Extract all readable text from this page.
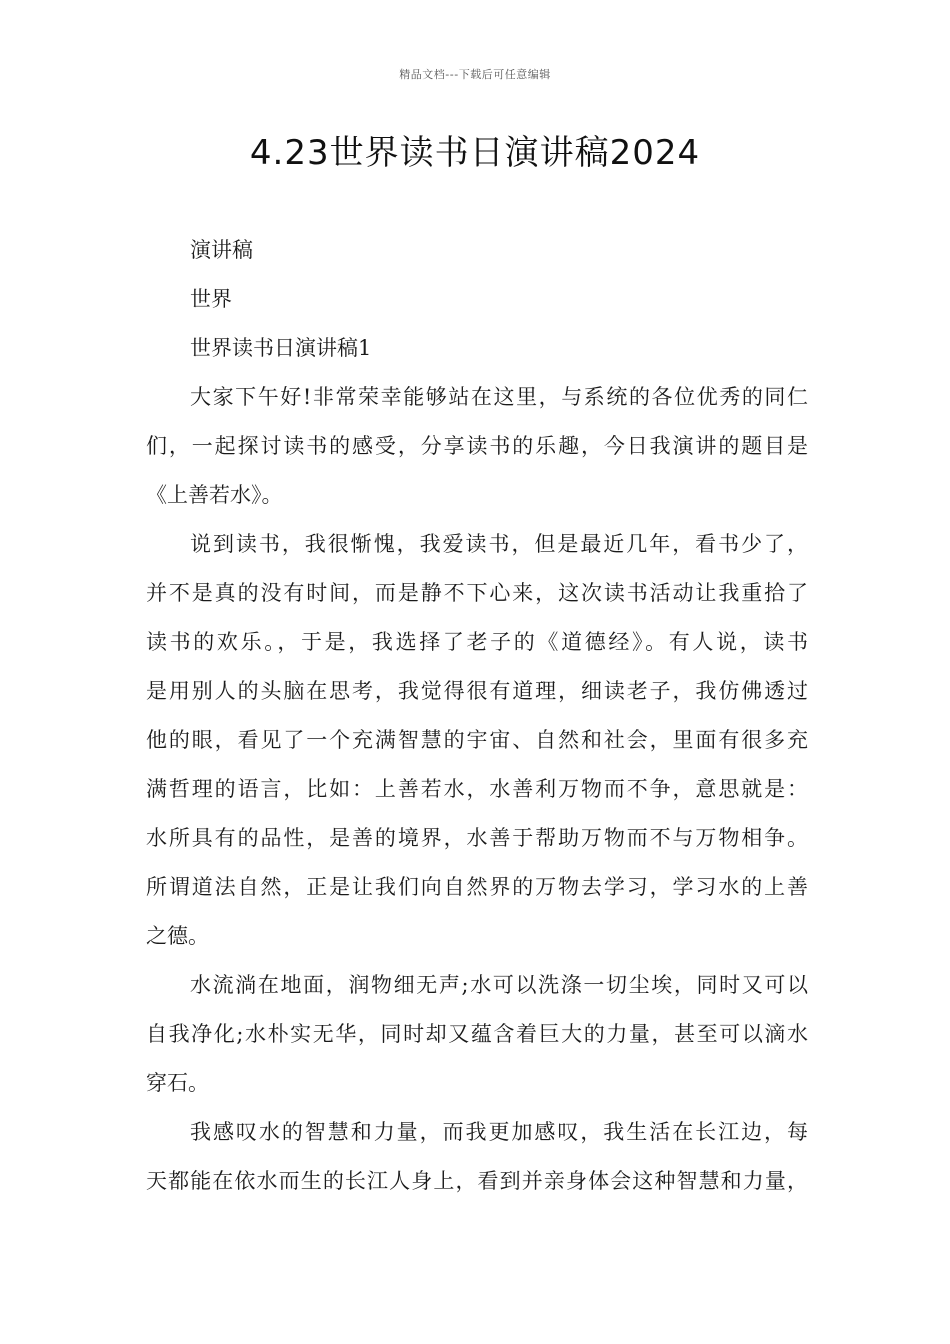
精品文档---下载后可任意编辑
4.23世界读书日演讲稿2024
演讲稿
世界
世界读书日演讲稿1
大家下午好!非常荣幸能够站在这里，与系统的各位优秀的同仁
们，一起探讨读书的感受，分享读书的乐趣，今日我演讲的题目是
《上善若水》。
说到读书，我很惭愧，我爱读书，但是最近几年，看书少了，
并不是真的没有时间，而是静不下心来，这次读书活动让我重拾了
读书的欢乐。，于是，我选择了老子的《道德经》。有人说，读书
是用别人的头脑在思考，我觉得很有道理，细读老子，我仿佛透过
他的眼，看见了一个充满智慧的宇宙、自然和社会，里面有很多充
满哲理的语言，比如：上善若水，水善利万物而不争，意思就是：
水所具有的品性，是善的境界，水善于帮助万物而不与万物相争。
所谓道法自然，正是让我们向自然界的万物去学习，学习水的上善
之德。
水流淌在地面，润物细无声;水可以洗涤一切尘埃，同时又可以
自我净化;水朴实无华，同时却又蕴含着巨大的力量，甚至可以滴水
穿石。
我感叹水的智慧和力量，而我更加感叹，我生活在长江边，每
天都能在依水而生的长江人身上，看到并亲身体会这种智慧和力量，
